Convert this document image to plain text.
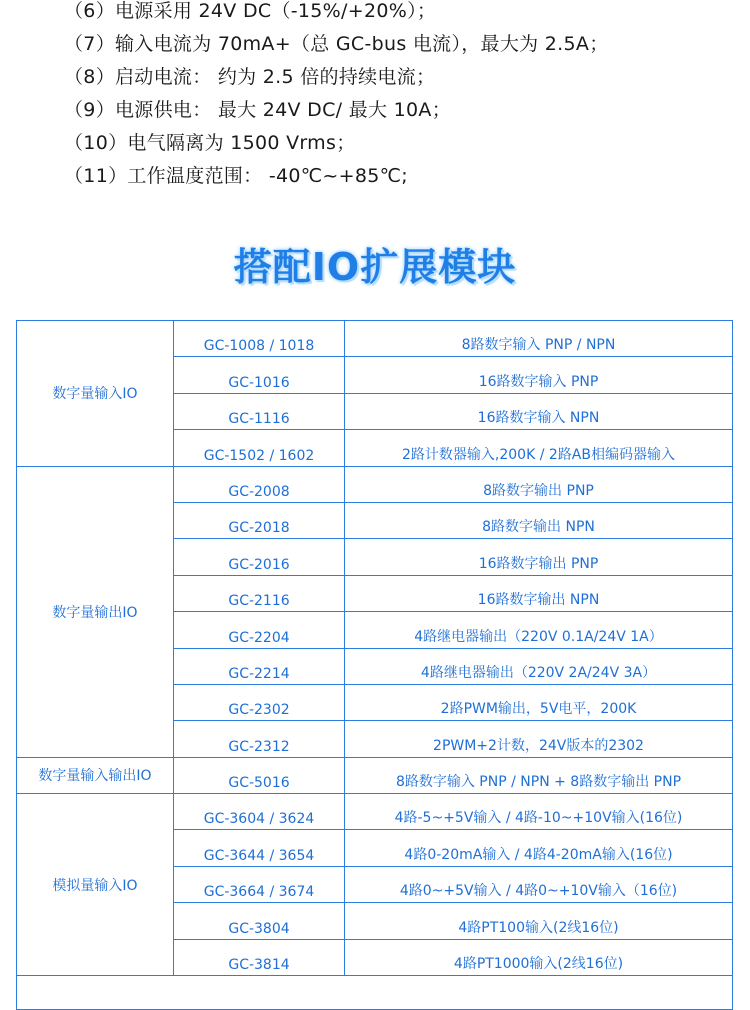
（6）电源采用 24V DC（-15%/+20%）；
（7）输入电流为 70mA+（总 GC-bus 电流），最大为 2.5A；
（8）启动电流： 约为 2.5 倍的持续电流；
（9）电源供电： 最大 24V DC/ 最大 10A；
（10）电气隔离为 1500 Vrms；
（11）工作温度范围： -40℃~+85℃;
搭配IO扩展模块
数字量输入IO
GC-1008 / 1018	8路数字输入 PNP / NPN
GC-1016	16路数字输入 PNP
GC-1116	16路数字输入 NPN
GC-1502 / 1602	2路计数器输入,200K / 2路AB相编码器输入
数字量输出IO
GC-2008	8路数字输出 PNP
GC-2018	8路数字输出 NPN
GC-2016	16路数字输出 PNP
GC-2116	16路数字输出 NPN
GC-2204	4路继电器输出（220V 0.1A/24V 1A）
GC-2214	4路继电器输出（220V 2A/24V 3A）
GC-2302	2路PWM输出，5V电平，200K
GC-2312	2PWM+2计数，24V版本的2302
数字量输入输出IO	GC-5016	8路数字输入 PNP / NPN + 8路数字输出 PNP
模拟量输入IO
GC-3604 / 3624	4路-5~+5V输入 / 4路-10~+10V输入(16位)
GC-3644 / 3654	4路0-20mA输入 / 4路4-20mA输入(16位)
GC-3664 / 3674	4路0~+5V输入 / 4路0~+10V输入（16位)
GC-3804	4路PT100输入(2线16位)
GC-3814	4路PT1000输入(2线16位)
